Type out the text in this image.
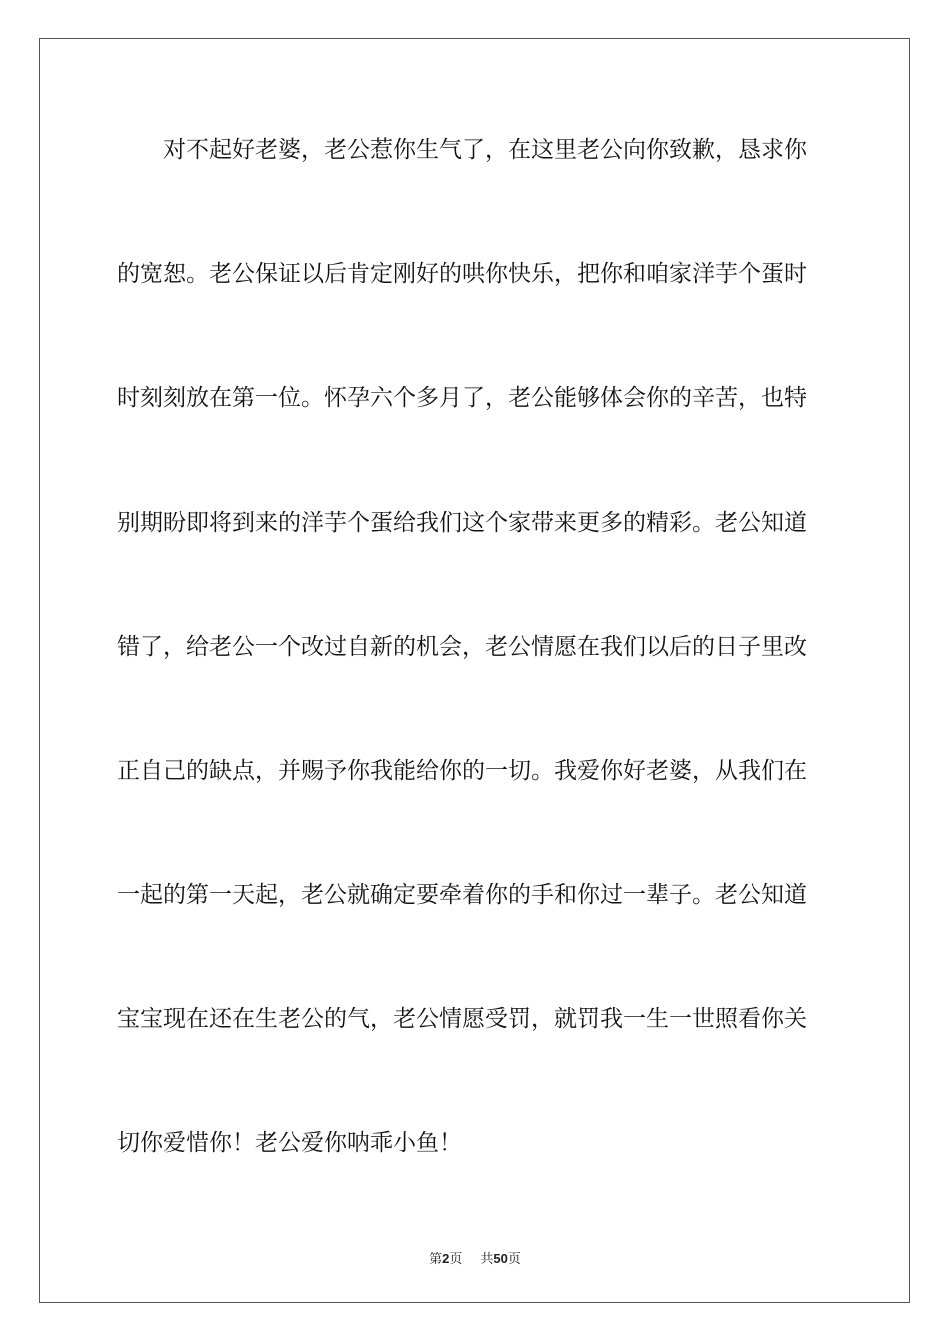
对不起好老婆，老公惹你生气了，在这里老公向你致歉，恳求你
的宽恕。老公保证以后肯定刚好的哄你快乐，把你和咱家洋芋个蛋时
时刻刻放在第一位。怀孕六个多月了，老公能够体会你的辛苦，也特
别期盼即将到来的洋芋个蛋给我们这个家带来更多的精彩。老公知道
错了，给老公一个改过自新的机会，老公情愿在我们以后的日子里改
正自己的缺点，并赐予你我能给你的一切。我爱你好老婆，从我们在
一起的第一天起，老公就确定要牵着你的手和你过一辈子。老公知道
宝宝现在还在生老公的气，老公情愿受罚，就罚我一生一世照看你关
切你爱惜你！老公爱你呐乖小鱼！
第2页 共50页
